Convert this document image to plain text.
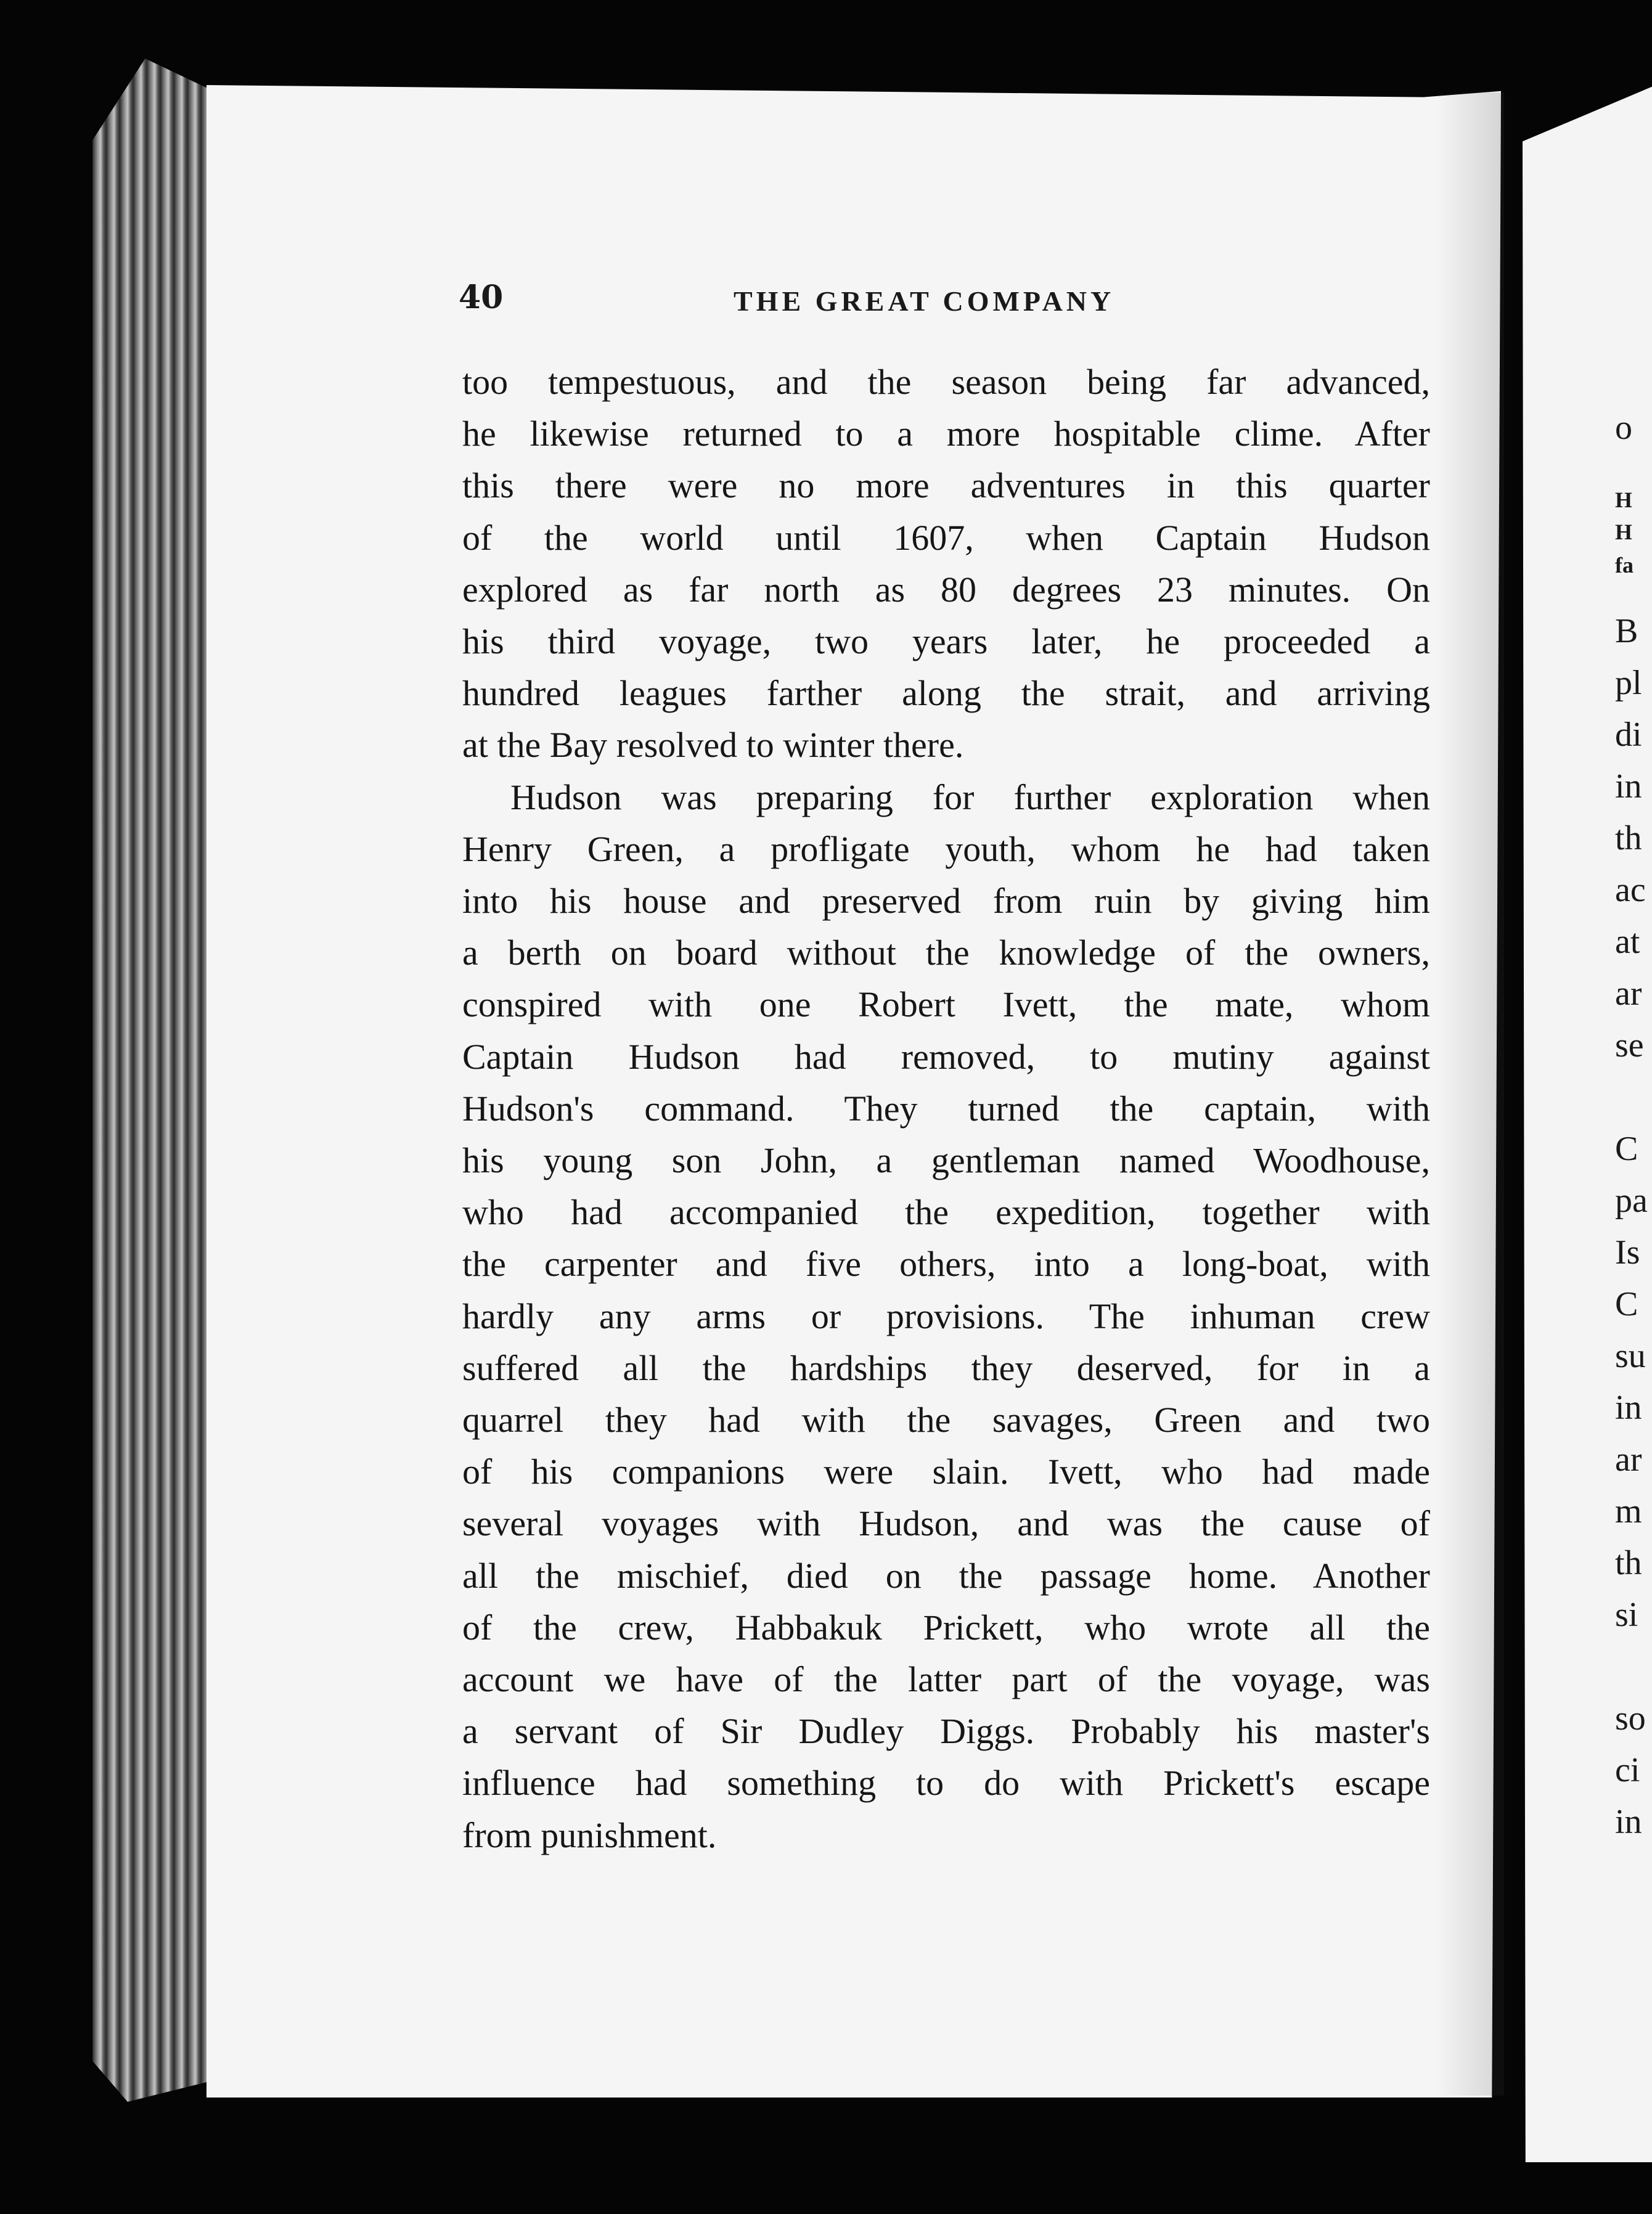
40	THE GREAT COMPANY
too tempestuous, and the season being far advanced,
he likewise returned to a more hospitable clime. After
this there were no more adventures in this quarter
of the world until 1607, when Captain Hudson
explored as far north as 80 degrees 23 minutes. On
his third voyage, two years later, he proceeded a
hundred leagues farther along the strait, and arriving
at the Bay resolved to winter there.
Hudson was preparing for further exploration when
Henry Green, a profligate youth, whom he had taken
into his house and preserved from ruin by giving him
a berth on board without the knowledge of the owners,
conspired with one Robert Ivett, the mate, whom
Captain Hudson had removed, to mutiny against
Hudson's command. They turned the captain, with
his young son John, a gentleman named Woodhouse,
who had accompanied the expedition, together with
the carpenter and five others, into a long-boat, with
hardly any arms or provisions. The inhuman crew
suffered all the hardships they deserved, for in a
quarrel they had with the savages, Green and two
of his companions were slain. Ivett, who had made
several voyages with Hudson, and was the cause of
all the mischief, died on the passage home. Another
of the crew, Habbakuk Prickett, who wrote all the
account we have of the latter part of the voyage, was
a servant of Sir Dudley Diggs. Probably his master's
influence had something to do with Prickett's escape
from punishment.
o
H
H
fa
B
pl
di
in
th
ac
at
ar
se
C
pa
Is
C
su
in
ar
m
th
si
so
ci
in
